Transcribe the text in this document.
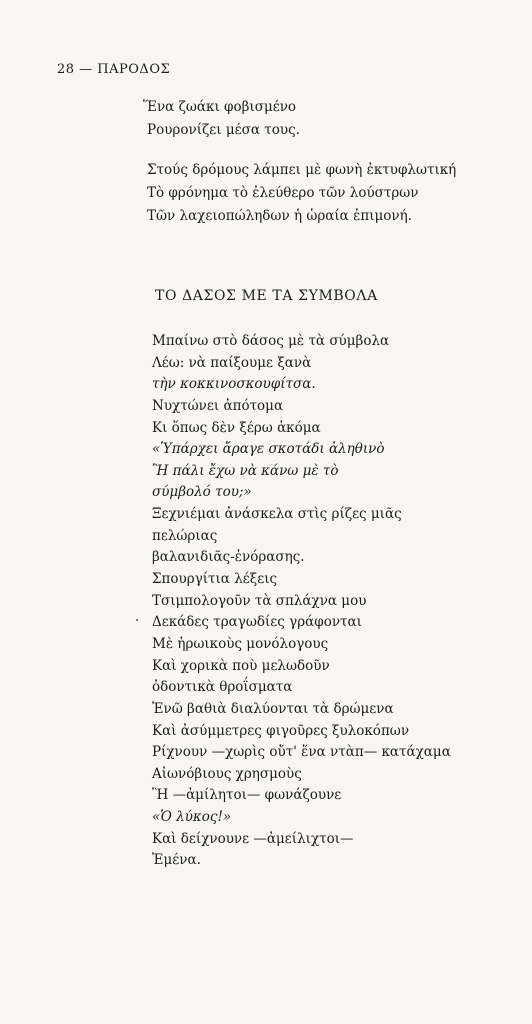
28 — ΠΑΡΟΔΟΣ
Ἕνα ζωάκι φοβισμένο
Ρουρονίζει μέσα τους.
Στούς δρόμους λάμπει μὲ φωνὴ ἐκτυφλωτική
Τὸ φρόνημα τὸ ἐλεύθερο τῶν λούστρων
Τῶν λαχειοπώληδων ἡ ὡραία ἐπιμονή.
ΤΟ ΔΑΣΟΣ ΜΕ ΤΑ ΣΥΜΒΟΛΑ
Μπαίνω στὸ δάσος μὲ τὰ σύμβολα
Λέω: νὰ παίξουμε ξανὰ
τὴν κοκκινοσκουφίτσα.
Νυχτώνει ἀπότομα
Κι ὅπως δὲν ξέρω ἀκόμα
«Ὑπάρχει ἄραγε σκοτάδι ἀληθινὸ
Ἢ πάλι ἔχω νὰ κάνω μὲ τὸ
σύμβολό του;»
Ξεχνιέμαι ἀνάσκελα στὶς ρίζες μιᾶς
πελώριας
βαλανιδιᾶς-ἐνόρασης.
Σπουργίτια λέξεις
Τσιμπολογοῦν τὰ σπλάχνα μου
Δεκάδες τραγωδίες γράφονται
Μὲ ἡρωικοὺς μονόλογους
Καὶ χορικὰ ποὺ μελωδοῦν
ὀδοντικὰ θροΐσματα
Ἐνῶ βαθιὰ διαλύονται τὰ δρώμενα
Καὶ ἀσύμμετρες φιγοῦρες ξυλοκόπων
Ρίχνουν —χωρὶς οὔτ' ἕνα ντὰπ— κατάχαμα
Αἰωνόβιους χρησμοὺς
Ἢ —ἀμίλητοι— φωνάζουνε
«Ὁ λύκος!»
Καὶ δείχνουνε —ἀμείλιχτοι—
Ἐμένα.
